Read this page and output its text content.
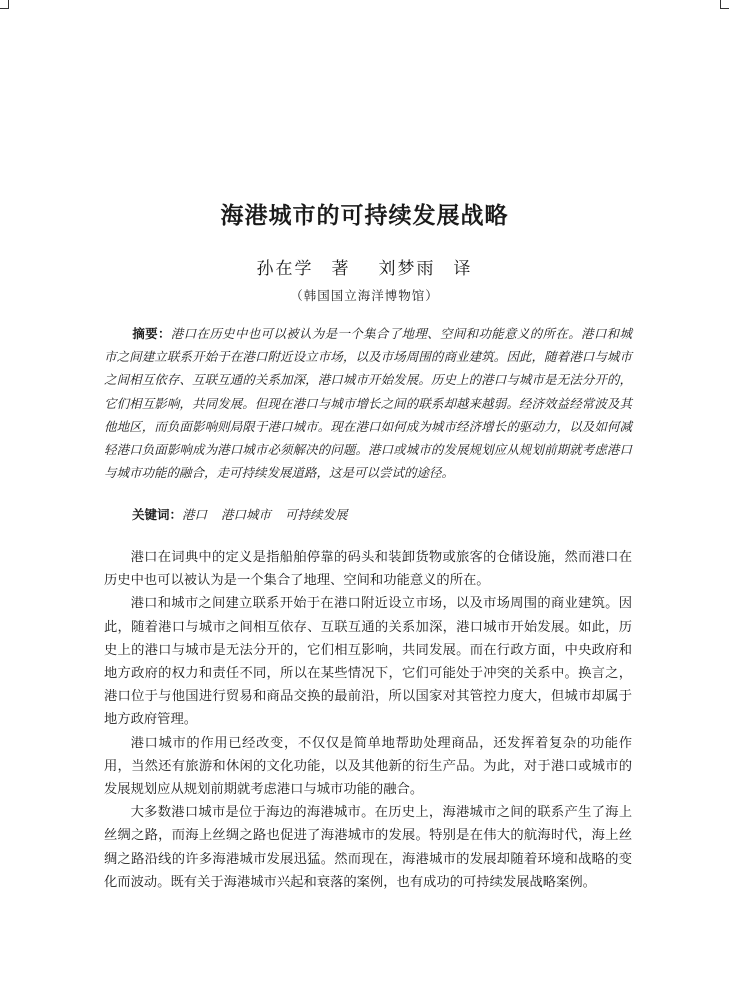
海港城市的可持续发展战略
孙在学 著 刘梦雨 译
（韩国国立海洋博物馆）
摘要：港口在历史中也可以被认为是一个集合了地理、空间和功能意义的所在。港口和城市之间建立联系开始于在港口附近设立市场，以及市场周围的商业建筑。因此，随着港口与城市之间相互依存、互联互通的关系加深，港口城市开始发展。历史上的港口与城市是无法分开的，它们相互影响，共同发展。但现在港口与城市增长之间的联系却越来越弱。经济效益经常波及其他地区，而负面影响则局限于港口城市。现在港口如何成为城市经济增长的驱动力，以及如何减轻港口负面影响成为港口城市必须解决的问题。港口或城市的发展规划应从规划前期就考虑港口与城市功能的融合，走可持续发展道路，这是可以尝试的途径。
关键词：港口 港口城市 可持续发展

港口在词典中的定义是指船舶停靠的码头和装卸货物或旅客的仓储设施，然而港口在历史中也可以被认为是一个集合了地理、空间和功能意义的所在。

港口和城市之间建立联系开始于在港口附近设立市场，以及市场周围的商业建筑。因此，随着港口与城市之间相互依存、互联互通的关系加深，港口城市开始发展。如此，历史上的港口与城市是无法分开的，它们相互影响，共同发展。而在行政方面，中央政府和地方政府的权力和责任不同，所以在某些情况下，它们可能处于冲突的关系中。换言之，港口位于与他国进行贸易和商品交换的最前沿，所以国家对其管控力度大，但城市却属于地方政府管理。

港口城市的作用已经改变，不仅仅是简单地帮助处理商品，还发挥着复杂的功能作用，当然还有旅游和休闲的文化功能，以及其他新的衍生产品。为此，对于港口或城市的发展规划应从规划前期就考虑港口与城市功能的融合。

大多数港口城市是位于海边的海港城市。在历史上，海港城市之间的联系产生了海上丝绸之路，而海上丝绸之路也促进了海港城市的发展。特别是在伟大的航海时代，海上丝绸之路沿线的许多海港城市发展迅猛。然而现在，海港城市的发展却随着环境和战略的变化而波动。既有关于海港城市兴起和衰落的案例，也有成功的可持续发展战略案例。
